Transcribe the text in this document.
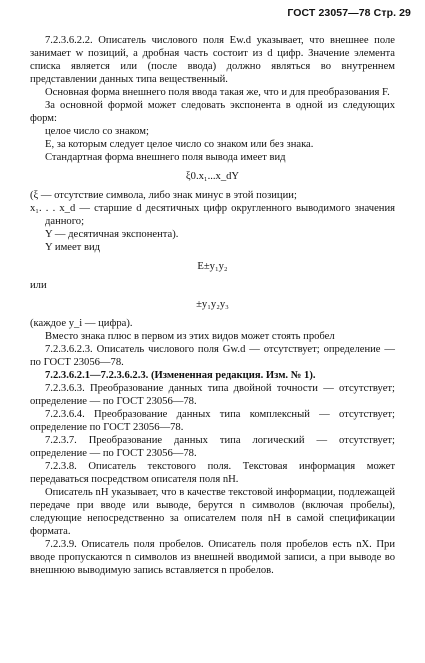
ГОСТ 23057—78 Стр. 29

7.2.3.6.2.2. Описатель числового поля Ew.d указывает, что внешнее поле занимает w позиций, а дробная часть состоит из d цифр. Значение элемента списка является или (после ввода) должно являться во внутреннем представлении данных типа вещественный.

Основная форма внешнего поля ввода такая же, что и для преобразования F.

За основной формой может следовать экспонента в одной из следующих форм:

целое число со знаком;

E, за которым следует целое число со знаком или без знака.

Стандартная форма внешнего поля вывода имеет вид

ξ0.x₁...x_dY

(ξ — отсутствие символа, либо знак минус в этой позиции;

x₁. . . x_d — старшие d десятичных цифр округленного выводимого значения данного;

Y — десятичная экспонента).

Y имеет вид

E±y₁y₂

или

±y₁y₂y₃

(каждое y_i — цифра).

Вместо знака плюс в первом из этих видов может стоять пробел

7.2.3.6.2.3. Описатель числового поля Gw.d — отсутствует; определение — по ГОСТ 23056—78.

7.2.3.6.2.1—7.2.3.6.2.3. (Измененная редакция. Изм. № 1).

7.2.3.6.3. Преобразование данных типа двойной точности — отсутствует; определение — по ГОСТ 23056—78.

7.2.3.6.4. Преобразование данных типа комплексный — отсутствует; определение по ГОСТ 23056—78.

7.2.3.7. Преобразование данных типа логический — отсутствует; определение — по ГОСТ 23056—78.

7.2.3.8. Описатель текстового поля. Текстовая информация может передаваться посредством описателя поля nH.

Описатель nH указывает, что в качестве текстовой информации, подлежащей передаче при вводе или выводе, берутся n символов (включая пробелы), следующие непосредственно за описателем поля nH в самой спецификации формата.

7.2.3.9. Описатель поля пробелов. Описатель поля пробелов есть nX. При вводе пропускаются n символов из внешней вводимой записи, а при выводе во внешнюю выводимую запись вставляется n пробелов.
